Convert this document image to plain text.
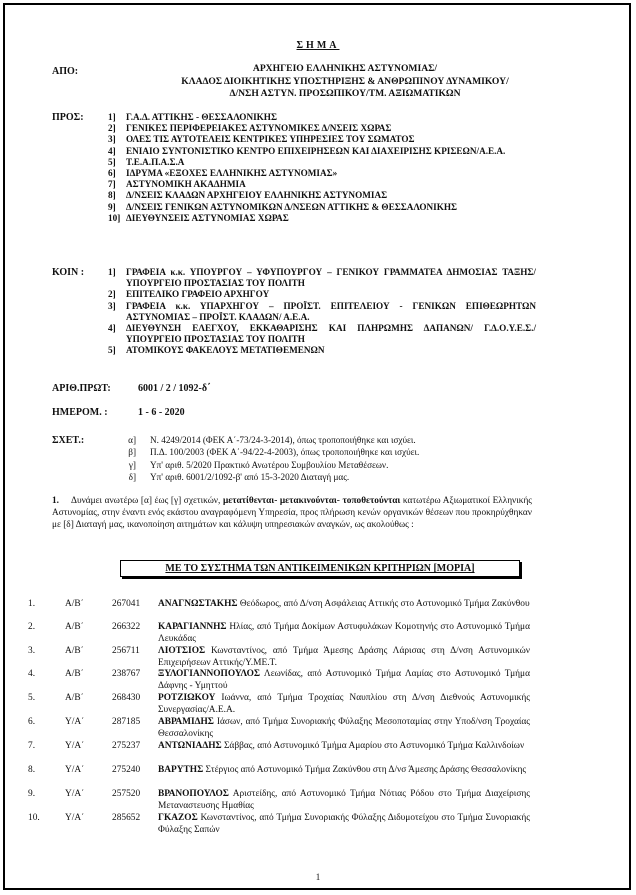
ΣΗΜΑ
ΑΠΟ:	ΑΡΧΗΓΕΙΟ ΕΛΛΗΝΙΚΗΣ ΑΣΤΥΝΟΜΙΑΣ/
ΚΛΑΔΟΣ ΔΙΟΙΚΗΤΙΚΗΣ ΥΠΟΣΤΗΡΙΞΗΣ & ΑΝΘΡΩΠΙΝΟΥ ΔΥΝΑΜΙΚΟΥ/
Δ/ΝΣΗ ΑΣΤΥΝ. ΠΡΟΣΩΠΙΚΟΥ/ΤΜ. ΑΞΙΩΜΑΤΙΚΩΝ
ΠΡΟΣ:	1]	Γ.Α.Δ. ΑΤΤΙΚΗΣ - ΘΕΣΣΑΛΟΝΙΚΗΣ
2]	ΓΕΝΙΚΕΣ ΠΕΡΙΦΕΡΕΙΑΚΕΣ ΑΣΤΥΝΟΜΙΚΕΣ Δ/ΝΣΕΙΣ ΧΩΡΑΣ
3]	ΟΛΕΣ ΤΙΣ ΑΥΤΟΤΕΛΕΙΣ ΚΕΝΤΡΙΚΕΣ ΥΠΗΡΕΣΙΕΣ ΤΟΥ ΣΩΜΑΤΟΣ
4]	ΕΝΙΑΙΟ ΣΥΝΤΟΝΙΣΤΙΚΟ ΚΕΝΤΡΟ ΕΠΙΧΕΙΡΗΣΕΩΝ ΚΑΙ ΔΙΑΧΕΙΡΙΣΗΣ ΚΡΙΣΕΩΝ/Α.Ε.Α.
5]	Τ.Ε.Α.Π.Α.Σ.Α
6]	ΙΔΡΥΜΑ «ΕΞΟΧΕΣ ΕΛΛΗΝΙΚΗΣ ΑΣΤΥΝΟΜΙΑΣ»
7]	ΑΣΤΥΝΟΜΙΚΗ ΑΚΑΔΗΜΙΑ
8]	Δ/ΝΣΕΙΣ ΚΛΑΔΩΝ ΑΡΧΗΓΕΙΟΥ ΕΛΛΗΝΙΚΗΣ ΑΣΤΥΝΟΜΙΑΣ
9]	Δ/ΝΣΕΙΣ ΓΕΝΙΚΩΝ ΑΣΤΥΝΟΜΙΚΩΝ Δ/ΝΣΕΩΝ ΑΤΤΙΚΗΣ & ΘΕΣΣΑΛΟΝΙΚΗΣ
10] ΔΙΕΥΘΥΝΣΕΙΣ ΑΣΤΥΝΟΜΙΑΣ ΧΩΡΑΣ
ΚΟΙΝ :	1]	ΓΡΑΦΕΙΑ κ.κ. ΥΠΟΥΡΓΟΥ – ΥΦΥΠΟΥΡΓΟΥ – ΓΕΝΙΚΟΥ ΓΡΑΜΜΑΤΕΑ ΔΗΜΟΣΙΑΣ ΤΑΞΗΣ/ ΥΠΟΥΡΓΕΙΟ ΠΡΟΣΤΑΣΙΑΣ ΤΟΥ ΠΟΛΙΤΗ
2]	ΕΠΙΤΕΛΙΚΟ ΓΡΑΦΕΙΟ ΑΡΧΗΓΟΥ
3]	ΓΡΑΦΕΙΑ κ.κ. ΥΠΑΡΧΗΓΟΥ – ΠΡΟΪΣΤ. ΕΠΙΤΕΛΕΙΟΥ - ΓΕΝΙΚΩΝ ΕΠΙΘΕΩΡΗΤΩΝ ΑΣΤΥΝΟΜΙΑΣ – ΠΡΟΪΣΤ. ΚΛΑΔΩΝ/ Α.Ε.Α.
4]	ΔΙΕΥΘΥΝΣΗ ΕΛΕΓΧΟΥ, ΕΚΚΑΘΑΡΙΣΗΣ ΚΑΙ ΠΛΗΡΩΜΗΣ ΔΑΠΑΝΩΝ/ Γ.Δ.Ο.Υ.Ε.Σ./ΥΠΟΥΡΓΕΙΟ ΠΡΟΣΤΑΣΙΑΣ ΤΟΥ ΠΟΛΙΤΗ
5]	ΑΤΟΜΙΚΟΥΣ ΦΑΚΕΛΟΥΣ ΜΕΤΑΤΙΘΕΜΕΝΩΝ
ΑΡΙΘ.ΠΡΩΤ:	6001 / 2 / 1092-δ΄
ΗΜΕΡΟΜ. :	1 - 6 - 2020
ΣΧΕΤ.:	α]	Ν. 4249/2014 (ΦΕΚ Α΄-73/24-3-2014), όπως τροποποιήθηκε και ισχύει.
β]	Π.Δ. 100/2003 (ΦΕΚ Α΄-94/22-4-2003), όπως τροποποιήθηκε και ισχύει.
γ]	Υπ' αριθ. 5/2020 Πρακτικό Ανωτέρου Συμβουλίου Μεταθέσεων.
δ]	Υπ' αριθ. 6001/2/1092-β' από 15-3-2020 Διαταγή μας.
1. Δυνάμει ανωτέρω [α] έως [γ] σχετικών, μετατίθενται- μετακινούνται- τοποθετούνται κατωτέρω Αξιωματικοί Ελληνικής Αστυνομίας, στην έναντι ενός εκάστου αναγραφόμενη Υπηρεσία, προς πλήρωση κενών οργανικών θέσεων που προκηρύχθηκαν με [δ] Διαταγή μας, ικανοποίηση αιτημάτων και κάλυψη υπηρεσιακών αναγκών, ως ακολούθως :
ΜΕ ΤΟ ΣΥΣΤΗΜΑ ΤΩΝ ΑΝΤΙΚΕΙΜΕΝΙΚΩΝ ΚΡΙΤΗΡΙΩΝ [ΜΟΡΙΑ]
1.	Α/Β΄	267041	ΑΝΑΓΝΩΣΤΑΚΗΣ Θεόδωρος, από Δ/νση Ασφάλειας Αττικής στο Αστυνομικό Τμήμα Ζακύνθου
2.	Α/Β΄	266322	ΚΑΡΑΓΙΑΝΝΗΣ Ηλίας, από Τμήμα Δοκίμων Αστυφυλάκων Κομοτηνής στο Αστυνομικό Τμήμα Λευκάδας
3.	Α/Β΄	256711	ΛΙΟΤΣΙΟΣ Κωνσταντίνος, από Τμήμα Άμεσης Δράσης Λάρισας στη Δ/νση Αστυνομικών Επιχειρήσεων Αττικής/Υ.ΜΕ.Τ.
4.	Α/Β΄	238767	ΞΥΛΟΓΙΑΝΝΟΠΟΥΛΟΣ Λεωνίδας, από Αστυνομικό Τμήμα Λαμίας στο Αστυνομικό Τμήμα Δάφνης - Υμηττού
5.	Α/Β΄	268430	ΡΟΤΖΙΩΚΟΥ Ιωάννα, από Τμήμα Τροχαίας Ναυπλίου στη Δ/νση Διεθνούς Αστυνομικής Συνεργασίας/Α.Ε.Α.
6.	Υ/Α΄	287185	ΑΒΡΑΜΙΔΗΣ Ιάσων, από Τμήμα Συνοριακής Φύλαξης Μεσοποταμίας στην Υποδ/νση Τροχαίας Θεσσαλονίκης
7.	Υ/Α΄	275237	ΑΝΤΩΝΙΑΔΗΣ Σάββας, από Αστυνομικό Τμήμα Αμαρίου στο Αστυνομικό Τμήμα Καλλινδοίων
8.	Υ/Α΄	275240	ΒΑΡΥΤΗΣ Στέργιος από Αστυνομικό Τμήμα Ζακύνθου στη Δ/νσ Άμεσης Δράσης Θεσσαλονίκης
9.	Υ/Α΄	257520	ΒΡΑΝΟΠΟΥΛΟΣ Αριστείδης, από Αστυνομικό Τμήμα Νότιας Ρόδου στο Τμήμα Διαχείρισης Μεταναστευσης Ημαθίας
10.	Υ/Α΄	285652	ΓΚΑΖΟΣ Κωνσταντίνος, από Τμήμα Συνοριακής Φύλαξης Διδυμοτείχου στο Τμήμα Συνοριακής Φύλαξης Σαπών
1
